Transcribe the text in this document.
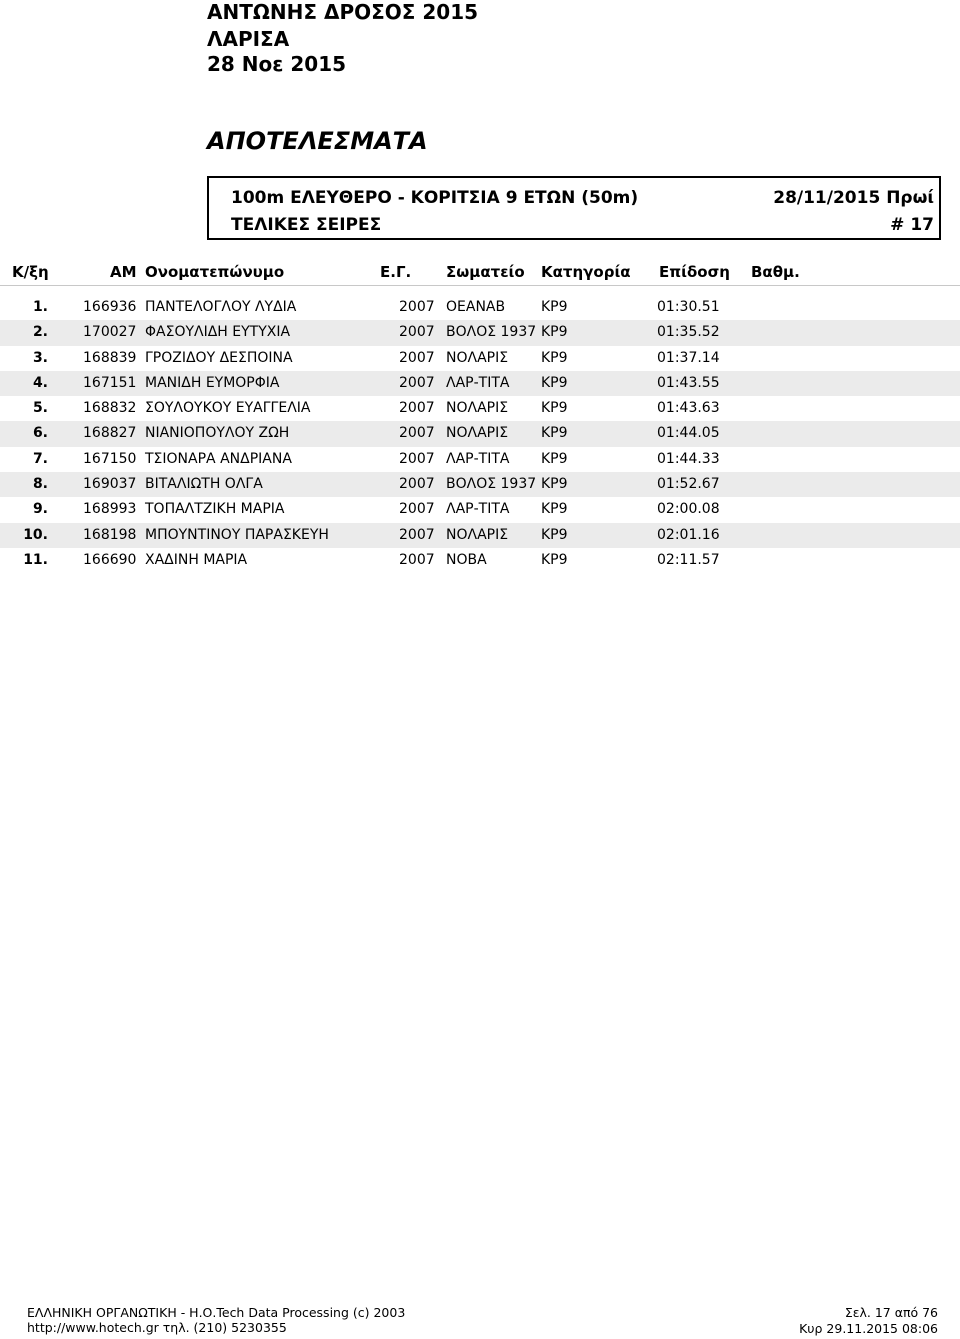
ΑΝΤΩΝΗΣ ΔΡΟΣΟΣ 2015
ΛΑΡΙΣΑ
28 Νοε 2015
ΑΠΟΤΕΛΕΣΜΑΤΑ
100m ΕΛΕΥΘΕΡΟ - ΚΟΡΙΤΣΙΑ 9 ΕΤΩΝ (50m)	28/11/2015 Πρωί
ΤΕΛΙΚΕΣ ΣΕΙΡΕΣ	# 17
Κ/ξη	ΑΜ Ονοματεπώνυμο	Ε.Γ. Σωματείο Κατηγορία Επίδοση Βαθμ.
1.	166936 ΠΑΝΤΕΛΟΓΛΟΥ ΛΥΔΙΑ	2007 ΟΕΑΝΑΒ	ΚΡ9	01:30.51
2.	170027 ΦΑΣΟΥΛΙΔΗ ΕΥΤΥΧΙΑ	2007 ΒΟΛΟΣ 1937 ΚΡ9	01:35.52
3.	168839 ΓΡΟΖΙΔΟΥ ΔΕΣΠΟΙΝΑ	2007 ΝΟΛΑΡΙΣ ΚΡ9	01:37.14
4.	167151 ΜΑΝΙΔΗ ΕΥΜΟΡΦΙΑ	2007 ΛΑΡ-ΤΙΤΑ ΚΡ9	01:43.55
5.	168832 ΣΟΥΛΟΥΚΟΥ ΕΥΑΓΓΕΛΙΑ	2007 ΝΟΛΑΡΙΣ ΚΡ9	01:43.63
6.	168827 ΝΙΑΝΙΟΠΟΥΛΟΥ ΖΩΗ	2007 ΝΟΛΑΡΙΣ ΚΡ9	01:44.05
7.	167150 ΤΣΙΟΝΑΡΑ ΑΝΔΡΙΑΝΑ	2007 ΛΑΡ-ΤΙΤΑ ΚΡ9	01:44.33
8.	169037 ΒΙΤΑΛΙΩΤΗ ΟΛΓΑ	2007 ΒΟΛΟΣ 1937 ΚΡ9	01:52.67
9.	168993 ΤΟΠΑΛΤΖΙΚΗ ΜΑΡΙΑ	2007 ΛΑΡ-ΤΙΤΑ ΚΡ9	02:00.08
10.	168198 ΜΠΟΥΝΤΙΝΟΥ ΠΑΡΑΣΚΕΥΗ	2007 ΝΟΛΑΡΙΣ ΚΡ9	02:01.16
11.	166690 ΧΑΔΙΝΗ ΜΑΡΙΑ	2007 ΝΟΒΑ	ΚΡ9	02:11.57
ΕΛΛΗΝΙΚΗ ΟΡΓΑΝΩΤΙΚΗ - Η.Ο.Tech Data Processing (c) 2003
http://www.hotech.gr τηλ. (210) 5230355
Σελ. 17 από 76
Κυρ 29.11.2015 08:06
